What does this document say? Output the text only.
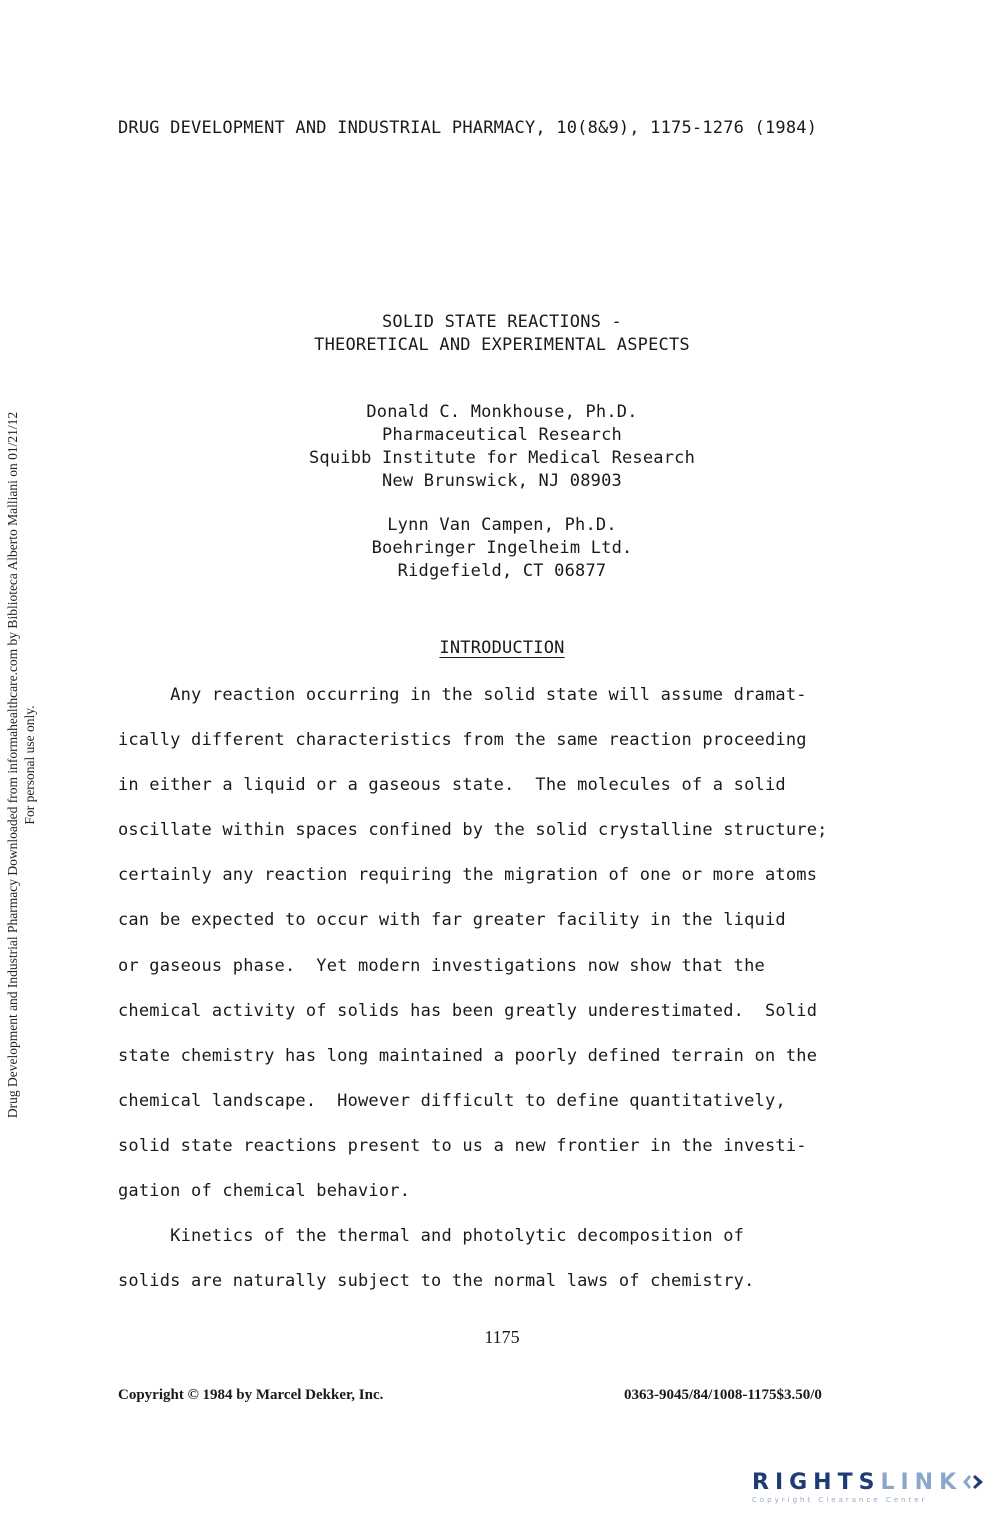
DRUG DEVELOPMENT AND INDUSTRIAL PHARMACY, 10(8&9), 1175-1276 (1984)
Drug Development and Industrial Pharmacy Downloaded from informahealthcare.com by Biblioteca Alberto Malliani on 01/21/12 For personal use only.
SOLID STATE REACTIONS -
THEORETICAL AND EXPERIMENTAL ASPECTS
Donald C. Monkhouse, Ph.D.
Pharmaceutical Research
Squibb Institute for Medical Research
New Brunswick, NJ 08903
Lynn Van Campen, Ph.D.
Boehringer Ingelheim Ltd.
Ridgefield, CT 06877
INTRODUCTION
Any reaction occurring in the solid state will assume dramat-
ically different characteristics from the same reaction proceeding
in either a liquid or a gaseous state.  The molecules of a solid
oscillate within spaces confined by the solid crystalline structure;
certainly any reaction requiring the migration of one or more atoms
can be expected to occur with far greater facility in the liquid
or gaseous phase.  Yet modern investigations now show that the
chemical activity of solids has been greatly underestimated.  Solid
state chemistry has long maintained a poorly defined terrain on the
chemical landscape.  However difficult to define quantitatively,
solid state reactions present to us a new frontier in the investi-
gation of chemical behavior.
Kinetics of the thermal and photolytic decomposition of
solids are naturally subject to the normal laws of chemistry.
1175
Copyright © 1984 by Marcel Dekker, Inc.	0363-9045/84/1008-1175$3.50/0
RIGHTSLINK
Copyright Clearance Center
